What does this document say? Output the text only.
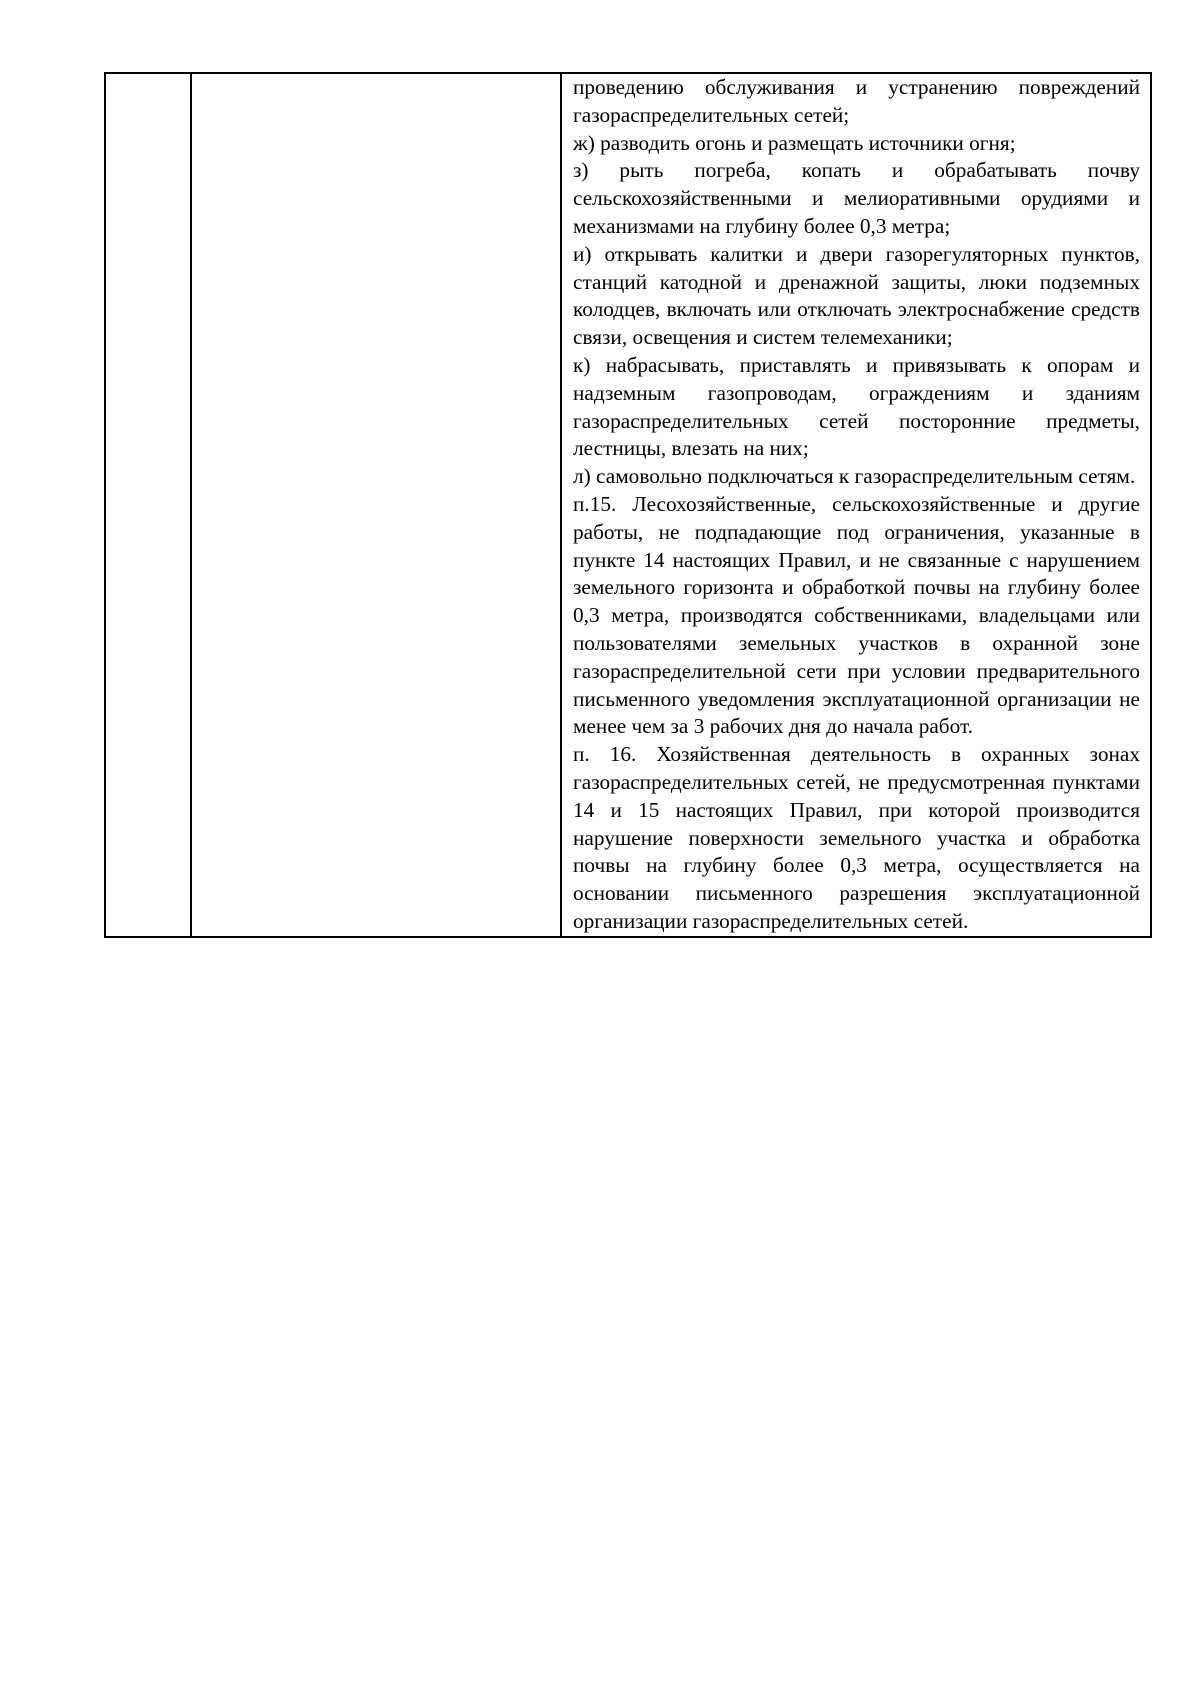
проведению обслуживания и устранению повреждений газораспределительных сетей;

ж) разводить огонь и размещать источники огня;

з) рыть погреба, копать и обрабатывать почву сельскохозяйственными и мелиоративными орудиями и механизмами на глубину более 0,3 метра;

и) открывать калитки и двери газорегуляторных пунктов, станций катодной и дренажной защиты, люки подземных колодцев, включать или отключать электроснабжение средств связи, освещения и систем телемеханики;

к) набрасывать, приставлять и привязывать к опорам и надземным газопроводам, ограждениям и зданиям газораспределительных сетей посторонние предметы, лестницы, влезать на них;

л) самовольно подключаться к газораспределительным сетям.

п.15. Лесохозяйственные, сельскохозяйственные и другие работы, не подпадающие под ограничения, указанные в пункте 14 настоящих Правил, и не связанные с нарушением земельного горизонта и обработкой почвы на глубину более 0,3 метра, производятся собственниками, владельцами или пользователями земельных участков в охранной зоне газораспределительной сети при условии предварительного письменного уведомления эксплуатационной организации не менее чем за 3 рабочих дня до начала работ.

п. 16. Хозяйственная деятельность в охранных зонах газораспределительных сетей, не предусмотренная пунктами 14 и 15 настоящих Правил, при которой производится нарушение поверхности земельного участка и обработка почвы на глубину более 0,3 метра, осуществляется на основании письменного разрешения эксплуатационной организации газораспределительных сетей.
